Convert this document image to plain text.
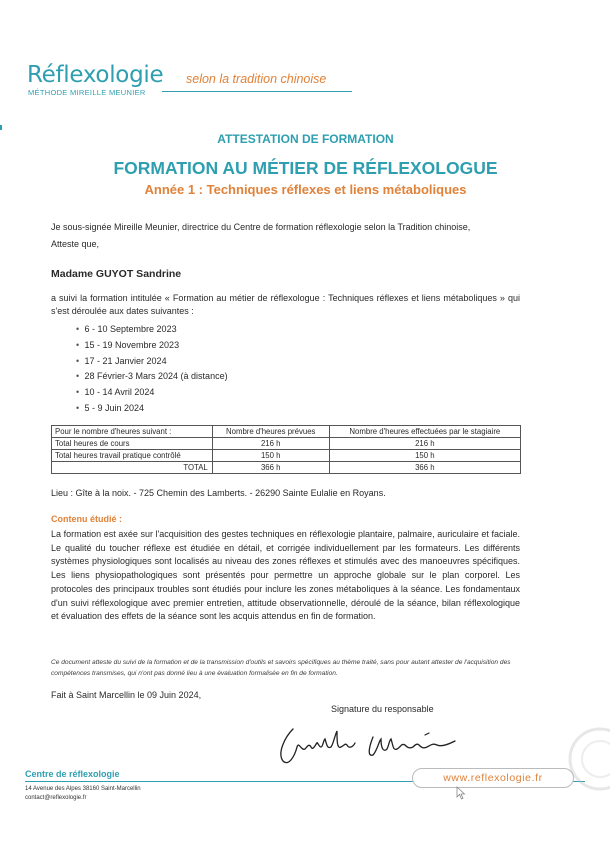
Réflexologie
MÉTHODE MIREILLE MEUNIER
selon la tradition chinoise
ATTESTATION DE FORMATION
FORMATION AU MÉTIER DE RÉFLEXOLOGUE
Année 1 : Techniques réflexes et liens métaboliques
Je sous-signée Mireille Meunier, directrice du Centre de formation réflexologie selon la Tradition chinoise,
Atteste que,
Madame GUYOT Sandrine
a suivi la formation intitulée « Formation au métier de réflexologue : Techniques réflexes et liens métaboliques » qui s'est déroulée aux dates suivantes :
• 6 - 10 Septembre 2023
• 15 - 19 Novembre 2023
• 17 - 21 Janvier 2024
• 28 Février-3 Mars 2024 (à distance)
• 10 - 14 Avril 2024
• 5 - 9 Juin 2024
Pour le nombre d'heures suivant :	Nombre d'heures prévues	Nombre d'heures effectuées par le stagiaire
Total heures de cours	216 h	216 h
Total heures travail pratique contrôlé	150 h	150 h
TOTAL	366 h	366 h
Lieu : Gîte à la noix. - 725 Chemin des Lamberts. - 26290 Sainte Eulalie en Royans.
Contenu étudié :
La formation est axée sur l'acquisition des gestes techniques en réflexologie plantaire, palmaire, auriculaire et faciale. Le qualité du toucher réflexe est étudiée en détail, et corrigée individuellement par les formateurs. Les différents systèmes physiologiques sont localisés au niveau des zones réflexes et stimulés avec des manoeuvres spécifiques. Les liens physiopathologiques sont présentés pour permettre un approche globale sur le plan corporel. Les protocoles des principaux troubles sont étudiés pour inclure les zones métaboliques à la séance. Les fondamentaux d'un suivi réflexologique avec premier entretien, attitude observationnelle, déroulé de la séance, bilan réflexologique et évaluation des effets de la séance sont les acquis attendus en fin de formation.
Ce document atteste du suivi de la formation et de la transmission d'outils et savoirs spécifiques au thème traité, sans pour autant attester de l'acquisition des compétences transmises, qui n'ont pas donné lieu à une évaluation formalisée en fin de formation.
Fait à Saint Marcellin le 09 Juin 2024,
Signature du responsable
Centre de réflexologie
14 Avenue des Alpes 38160 Saint-Marcellin
contact@reflexologie.fr
www.reflexologie.fr
